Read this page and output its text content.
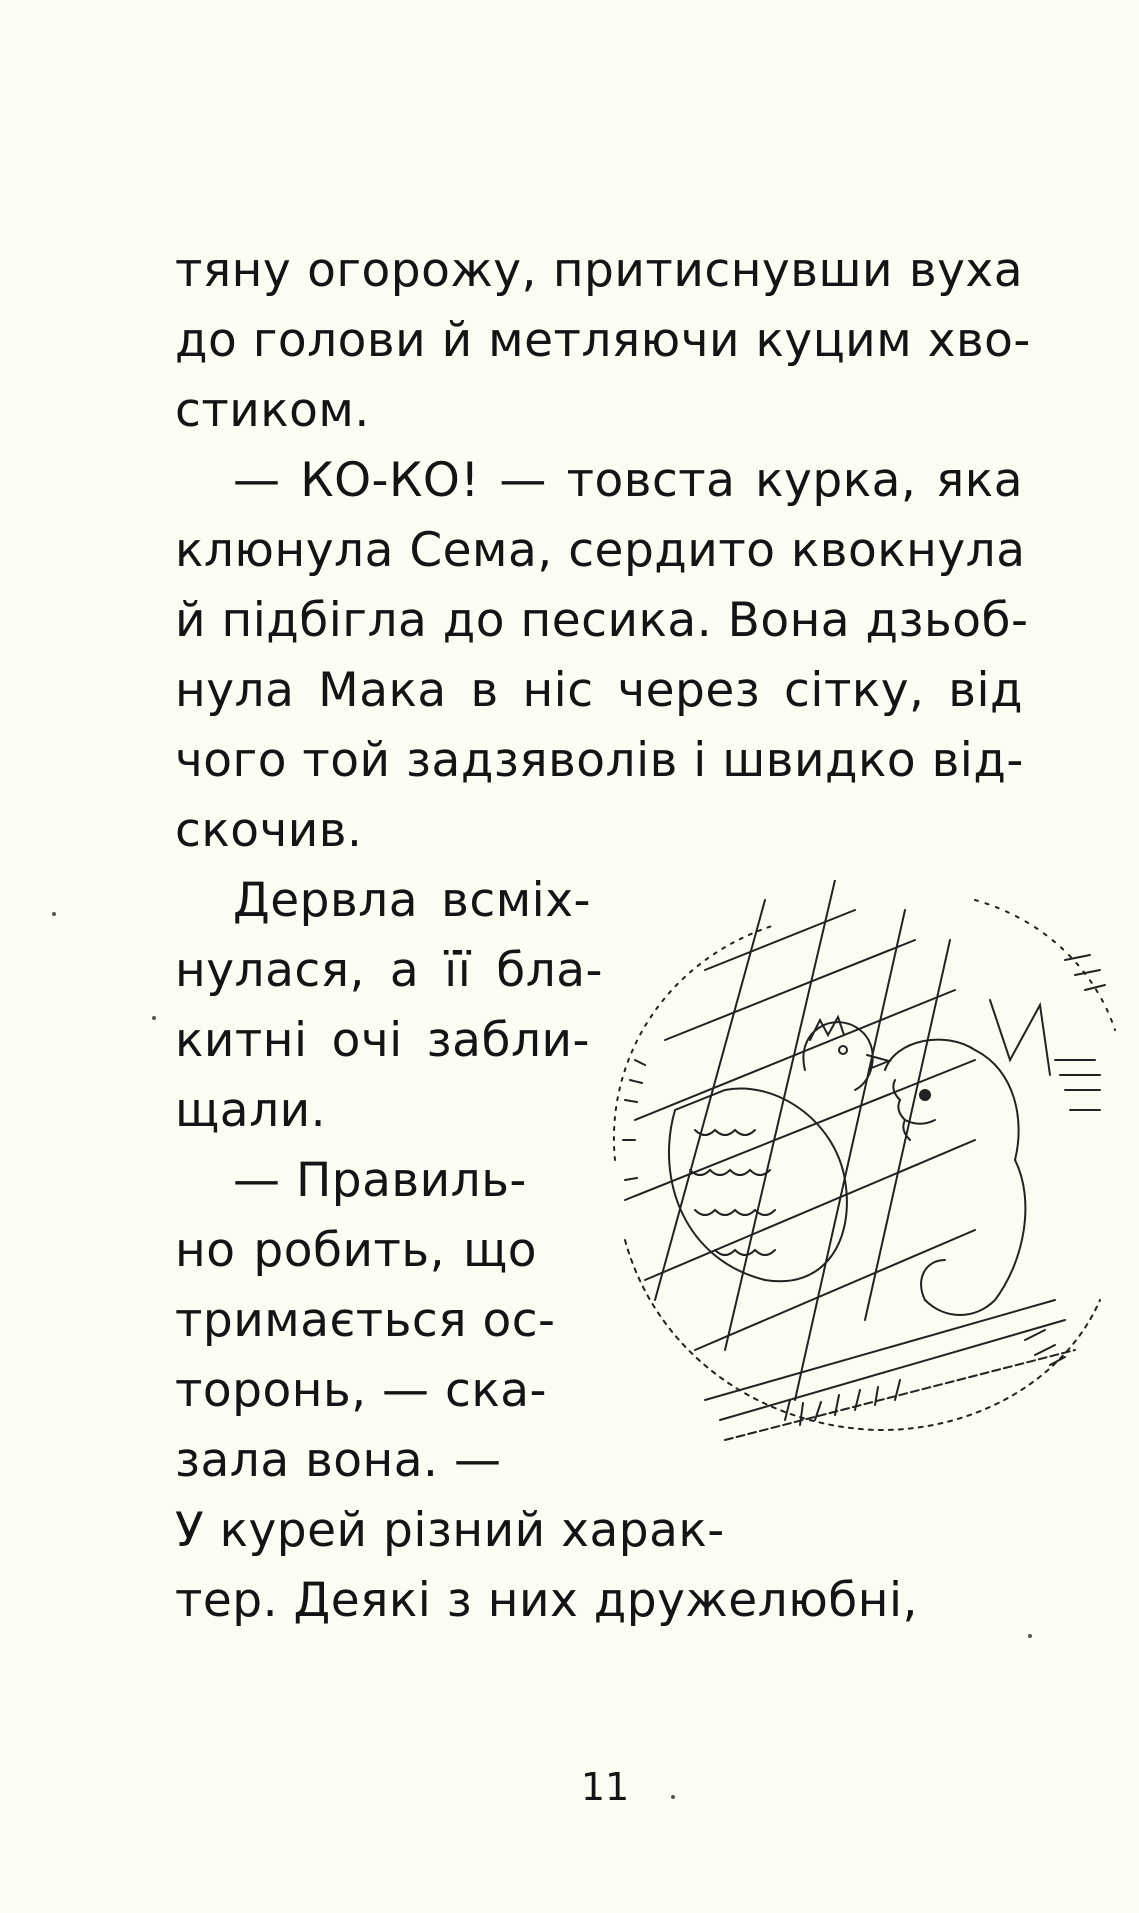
тяну огорожу, притиснувши вуха
до голови й метляючи куцим хво-
стиком.
— КО-КО! — товста курка, яка
клюнула Сема, сердито квокнула
й підбігла до песика. Вона дзьоб-
нула Мака в ніс через сітку, від
чого той задзяволів і швидко від-
скочив.
Дервла всміх-
нулася, а її бла-
китні очі забли-
щали.
— Правиль-
но робить, що
тримається ос-
торонь, — ска-
зала вона. —
У курей різний харак-
тер. Деякі з них дружелюбні,
11
